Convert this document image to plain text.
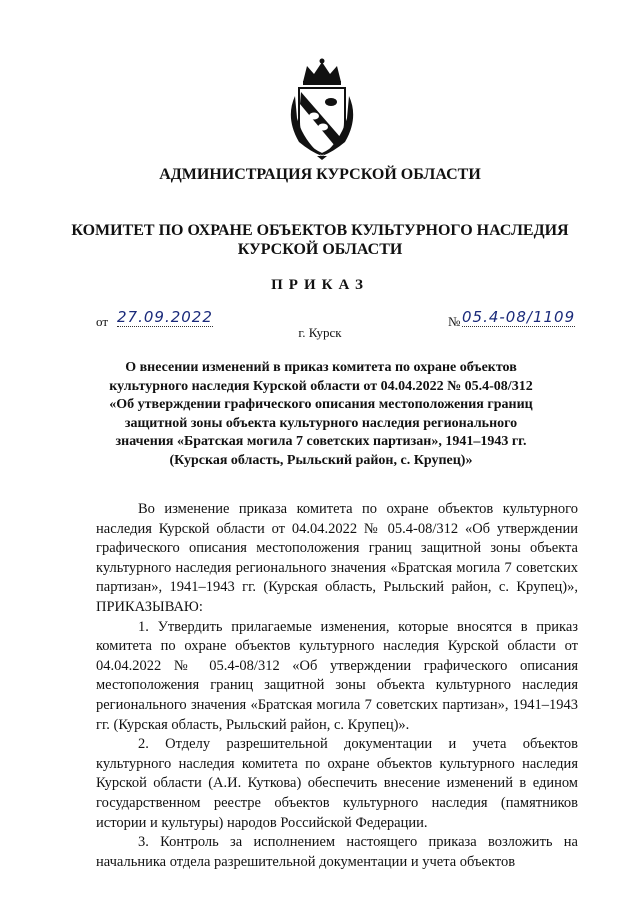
АДМИНИСТРАЦИЯ КУРСКОЙ ОБЛАСТИ
КОМИТЕТ ПО ОХРАНЕ ОБЪЕКТОВ КУЛЬТУРНОГО НАСЛЕДИЯ
КУРСКОЙ ОБЛАСТИ
ПРИКАЗ
от 27.09.2022	№ 05.4-08/1109
г. Курск
О внесении изменений в приказ комитета по охране объектов
культурного наследия Курской области от 04.04.2022 № 05.4-08/312
«Об утверждении графического описания местоположения границ
защитной зоны объекта культурного наследия регионального
значения «Братская могила 7 советских партизан», 1941–1943 гг.
(Курская область, Рыльский район, с. Крупец)»

Во изменение приказа комитета по охране объектов культурного наследия Курской области от 04.04.2022 № 05.4-08/312 «Об утверждении графического описания местоположения границ защитной зоны объекта культурного наследия регионального значения «Братская могила 7 советских партизан», 1941–1943 гг. (Курская область, Рыльский район, с. Крупец)», ПРИКАЗЫВАЮ:

1. Утвердить прилагаемые изменения, которые вносятся в приказ комитета по охране объектов культурного наследия Курской области от 04.04.2022 № 05.4-08/312 «Об утверждении графического описания местоположения границ защитной зоны объекта культурного наследия регионального значения «Братская могила 7 советских партизан», 1941–1943 гг. (Курская область, Рыльский район, с. Крупец)».

2. Отделу разрешительной документации и учета объектов культурного наследия комитета по охране объектов культурного наследия Курской области (А.И. Куткова) обеспечить внесение изменений в едином государственном реестре объектов культурного наследия (памятников истории и культуры) народов Российской Федерации.

3. Контроль за исполнением настоящего приказа возложить на начальника отдела разрешительной документации и учета объектов
